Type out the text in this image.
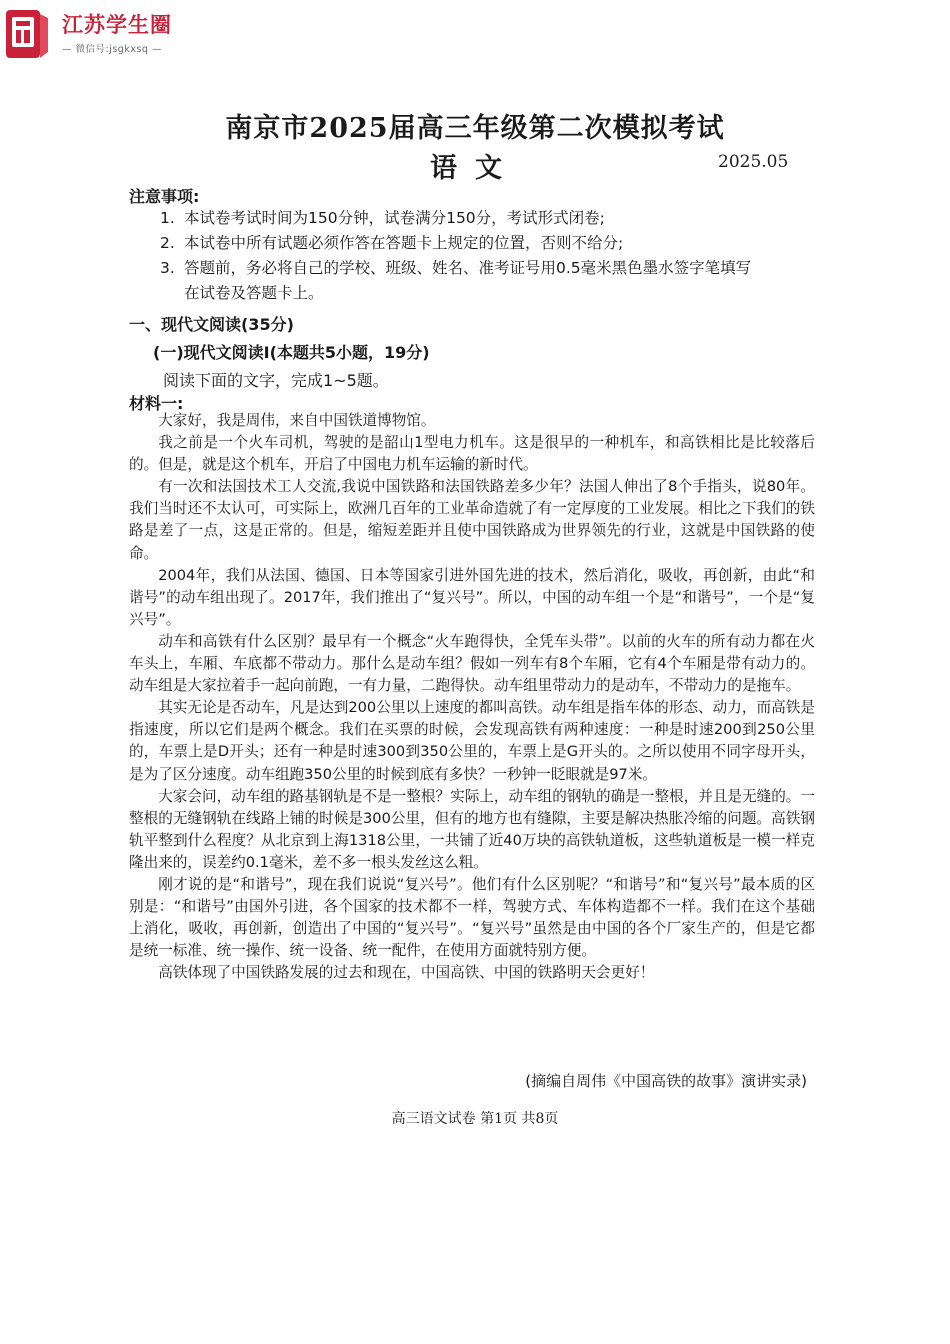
江苏学生圈
— 微信号:jsgkxsq —
南京市2025届高三年级第二次模拟考试
语文	2025.05
注意事项:
1. 本试卷考试时间为150分钟，试卷满分150分，考试形式闭卷;
2. 本试卷中所有试题必须作答在答题卡上规定的位置，否则不给分;
3. 答题前，务必将自己的学校、班级、姓名、准考证号用0.5毫米黑色墨水签字笔填写
在试卷及答题卡上。
一、现代文阅读(35分)
(一)现代文阅读Ⅰ(本题共5小题，19分)
阅读下面的文字，完成1~5题。
材料一:

大家好，我是周伟，来自中国铁道博物馆。

我之前是一个火车司机，驾驶的是韶山1型电力机车。这是很早的一种机车，和高铁相比是比较落后的。但是，就是这个机车，开启了中国电力机车运输的新时代。

有一次和法国技术工人交流,我说中国铁路和法国铁路差多少年？法国人伸出了8个手指头，说80年。我们当时还不太认可，可实际上，欧洲几百年的工业革命造就了有一定厚度的工业发展。相比之下我们的铁路是差了一点，这是正常的。但是，缩短差距并且使中国铁路成为世界领先的行业，这就是中国铁路的使命。

2004年，我们从法国、德国、日本等国家引进外国先进的技术，然后消化，吸收，再创新，由此“和谐号”的动车组出现了。2017年，我们推出了“复兴号”。所以，中国的动车组一个是“和谐号”，一个是“复兴号”。

动车和高铁有什么区别？最早有一个概念“火车跑得快，全凭车头带”。以前的火车的所有动力都在火车头上，车厢、车底都不带动力。那什么是动车组？假如一列车有8个车厢，它有4个车厢是带有动力的。动车组是大家拉着手一起向前跑，一有力量，二跑得快。动车组里带动力的是动车，不带动力的是拖车。

其实无论是否动车，凡是达到200公里以上速度的都叫高铁。动车组是指车体的形态、动力，而高铁是指速度，所以它们是两个概念。我们在买票的时候，会发现高铁有两种速度：一种是时速200到250公里的，车票上是D开头；还有一种是时速300到350公里的，车票上是G开头的。之所以使用不同字母开头，是为了区分速度。动车组跑350公里的时候到底有多快？一秒钟一眨眼就是97米。

大家会问，动车组的路基钢轨是不是一整根？实际上，动车组的钢轨的确是一整根，并且是无缝的。一整根的无缝钢轨在线路上铺的时候是300公里，但有的地方也有缝隙，主要是解决热胀冷缩的问题。高铁钢轨平整到什么程度？从北京到上海1318公里，一共铺了近40万块的高铁轨道板，这些轨道板是一模一样克隆出来的，误差约0.1毫米，差不多一根头发丝这么粗。

刚才说的是“和谐号”，现在我们说说“复兴号”。他们有什么区别呢？“和谐号”和“复兴号”最本质的区别是：“和谐号”由国外引进，各个国家的技术都不一样，驾驶方式、车体构造都不一样。我们在这个基础上消化，吸收，再创新，创造出了中国的“复兴号”。“复兴号”虽然是由中国的各个厂家生产的，但是它都是统一标准、统一操作、统一设备、统一配件，在使用方面就特别方便。

高铁体现了中国铁路发展的过去和现在，中国高铁、中国的铁路明天会更好！

(摘编自周伟《中国高铁的故事》演讲实录)
高三语文试卷 第1页 共8页
